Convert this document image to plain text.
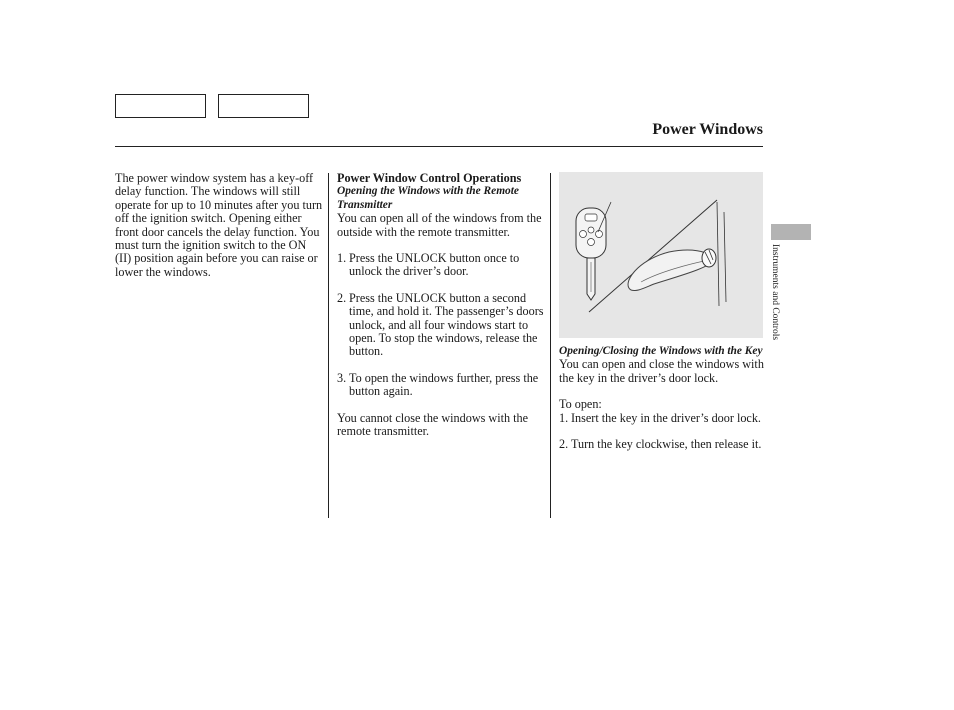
Power Windows

The power window system has a key-off delay function. The windows will still operate for up to 10 minutes after you turn off the ignition switch. Opening either front door cancels the delay function. You must turn the ignition switch to the ON (II) position again before you can raise or lower the windows.

Power Window Control Operations

Opening the Windows with the Remote Transmitter

You can open all of the windows from the outside with the remote transmitter.

1. Press the UNLOCK button once to unlock the driver’s door.
2. Press the UNLOCK button a second time, and hold it. The passenger’s doors unlock, and all four windows start to open. To stop the windows, release the button.
3. To open the windows further, press the button again.

You cannot close the windows with the remote transmitter.

Opening/Closing the Windows with the Key

You can open and close the windows with the key in the driver’s door lock.

To open:

1. Insert the key in the driver’s door lock.
2. Turn the key clockwise, then release it.
Instruments and Controls
